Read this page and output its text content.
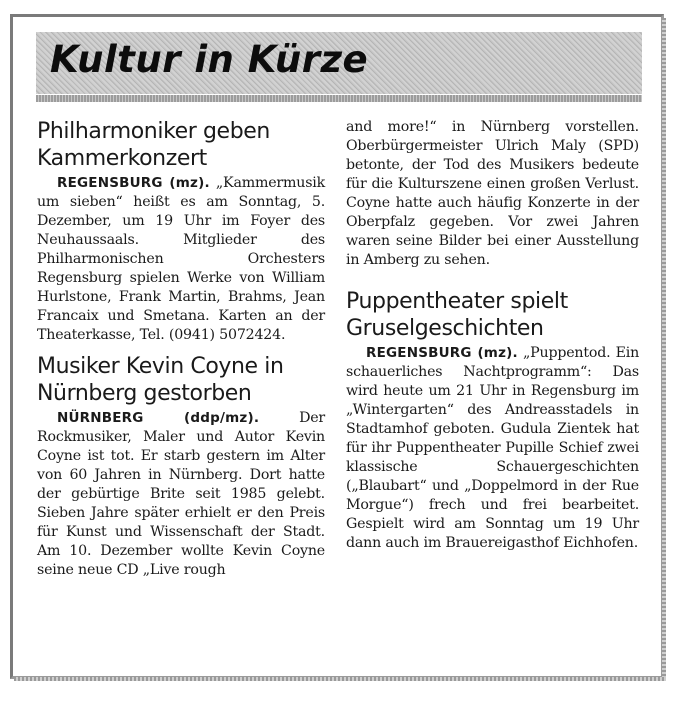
Kultur in Kürze
Philharmoniker geben Kammerkonzert

REGENSBURG (mz). „Kammermusik um sieben“ heißt es am Sonntag, 5. Dezember, um 19 Uhr im Foyer des Neuhaussaals. Mitglieder des Philharmonischen Orchesters Regensburg spielen Werke von William Hurlstone, Frank Martin, Brahms, Jean Francaix und Smetana. Karten an der Theaterkasse, Tel. (0941) 5072424.

Musiker Kevin Coyne in Nürnberg gestorben

NÜRNBERG (ddp/mz).	Der Rockmusiker, Maler und Autor Kevin Coyne ist tot. Er starb gestern im Alter von 60 Jahren in Nürnberg. Dort hatte der gebürtige Brite seit 1985 gelebt. Sieben Jahre später erhielt er den Preis für Kunst und Wissenschaft der Stadt. Am 10. Dezember wollte Kevin Coyne seine neue CD „Live rough

and more!“ in Nürnberg vorstellen. Oberbürgermeister Ulrich Maly (SPD) betonte, der Tod des Musikers bedeute für die Kulturszene einen großen Verlust. Coyne hatte auch häufig Konzerte in der Oberpfalz gegeben. Vor zwei Jahren waren seine Bilder bei einer Ausstellung in Amberg zu sehen.

Puppentheater spielt Gruselgeschichten

REGENSBURG (mz). „Puppentod. Ein schauerliches Nachtprogramm“: Das wird heute um 21 Uhr in Regensburg im „Wintergarten“ des Andreasstadels in Stadtamhof geboten. Gudula Zientek hat für ihr Puppentheater Pupille Schief zwei klassische Schauergeschichten („Blaubart“ und „Doppelmord in der Rue Morgue“) frech und frei bearbeitet. Gespielt wird am Sonntag um 19 Uhr dann auch im Brauereigasthof Eichhofen.
